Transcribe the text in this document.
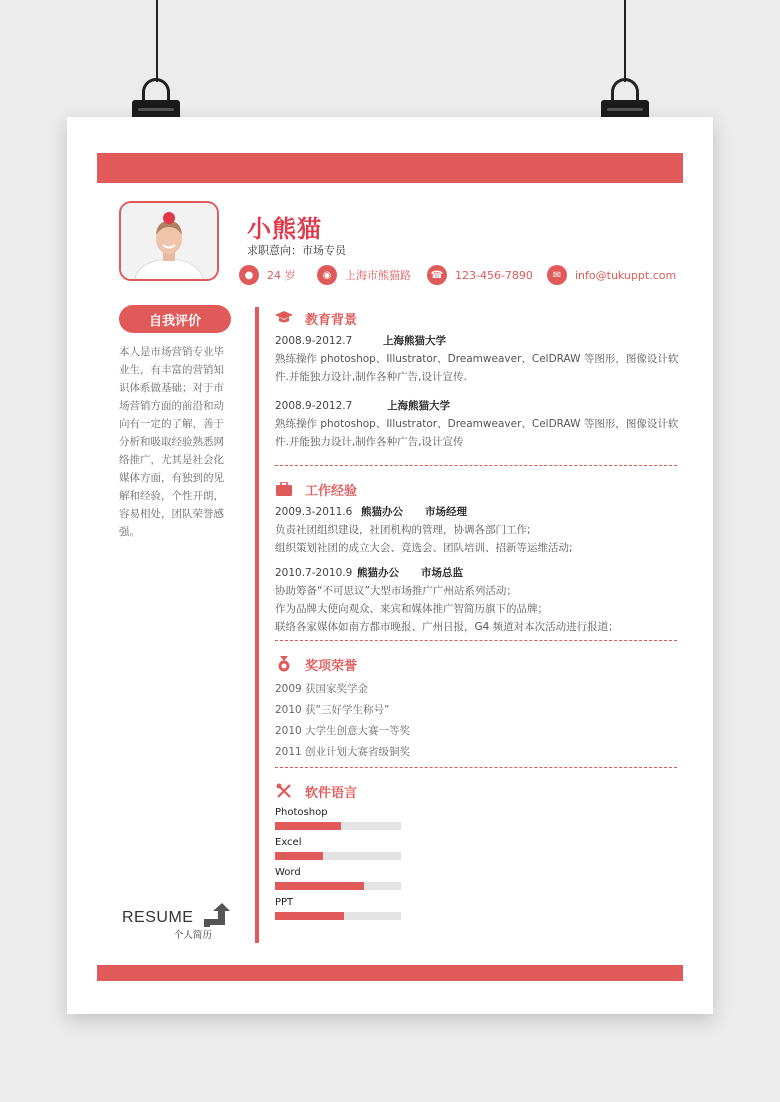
小熊猫
求职意向：市场专员
●	24 岁	◉	上海市熊猫路	☎	123-456-7890	✉	info@tukuppt.com
自我评价
本人是市场营销专业毕业生，有丰富的营销知识体系做基础；对于市场营销方面的前沿和动向有一定的了解，善于分析和吸取经验熟悉网络推广，尤其是社会化媒体方面，有独到的见解和经验，个性开朗，容易相处，团队荣誉感强。
RESUME
个人简历
教育背景
2008.9-2012.7	上海熊猫大学
熟练操作 photoshop、Illustrator、Dreamweaver、CelDRAW 等图形，图像设计软件.并能独力设计,制作各种广告,设计宣传.
2008.9-2012.7	上海熊猫大学
熟练操作 photoshop、Illustrator、Dreamweaver、CelDRAW 等图形，图像设计软件.并能独力设计,制作各种广告,设计宣传
工作经验
2009.3-2011.6 熊猫办公	市场经理
负责社团组织建设，社团机构的管理，协调各部门工作;
组织策划社团的成立大会、竞选会、团队培训、招新等运维活动;
2010.7-2010.9 熊猫办公	市场总监
协助筹备“不可思议”大型市场推广广州站系列活动；
作为品牌大使向观众、来宾和媒体推广智简历旗下的品牌；
联络各家媒体如南方都市晚报、广州日报，G4 频道对本次活动进行报道；
奖项荣誉
2009 获国家奖学金
2010 获“三好学生称号”
2010 大学生创意大赛一等奖
2011 创业计划大赛省级铜奖
软件语言
Photoshop
Excel
Word
PPT
